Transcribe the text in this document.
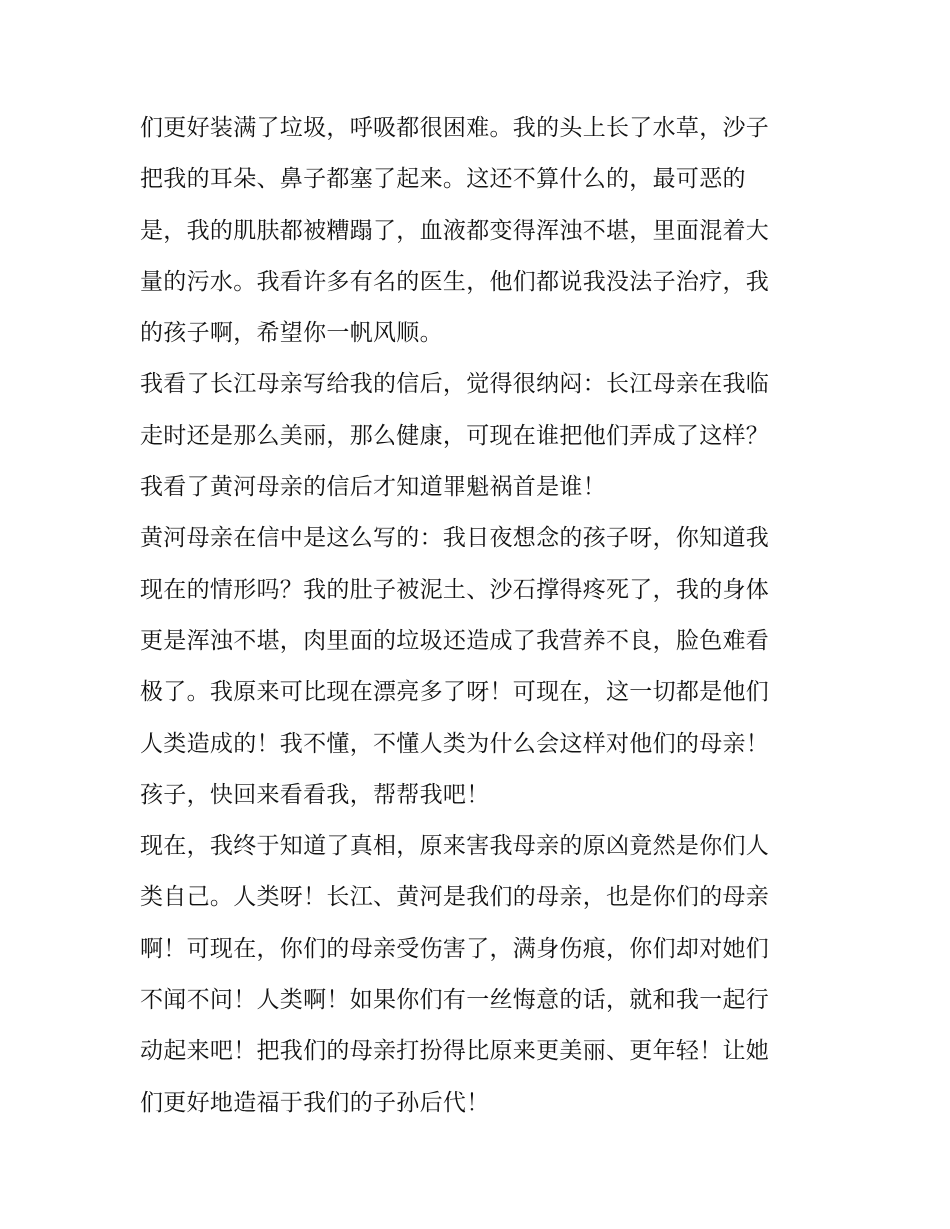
们更好装满了垃圾，呼吸都很困难。我的头上长了水草，沙子
把我的耳朵、鼻子都塞了起来。这还不算什么的，最可恶的
是，我的肌肤都被糟蹋了，血液都变得浑浊不堪，里面混着大
量的污水。我看许多有名的医生，他们都说我没法子治疗，我
的孩子啊，希望你一帆风顺。
我看了长江母亲写给我的信后，觉得很纳闷：长江母亲在我临
走时还是那么美丽，那么健康，可现在谁把他们弄成了这样？
我看了黄河母亲的信后才知道罪魁祸首是谁！
黄河母亲在信中是这么写的：我日夜想念的孩子呀，你知道我
现在的情形吗？我的肚子被泥土、沙石撑得疼死了，我的身体
更是浑浊不堪，肉里面的垃圾还造成了我营养不良，脸色难看
极了。我原来可比现在漂亮多了呀！可现在，这一切都是他们
人类造成的！我不懂，不懂人类为什么会这样对他们的母亲！
孩子，快回来看看我，帮帮我吧！
现在，我终于知道了真相，原来害我母亲的原凶竟然是你们人
类自己。人类呀！长江、黄河是我们的母亲，也是你们的母亲
啊！可现在，你们的母亲受伤害了，满身伤痕，你们却对她们
不闻不问！人类啊！如果你们有一丝悔意的话，就和我一起行
动起来吧！把我们的母亲打扮得比原来更美丽、更年轻！让她
们更好地造福于我们的子孙后代！
